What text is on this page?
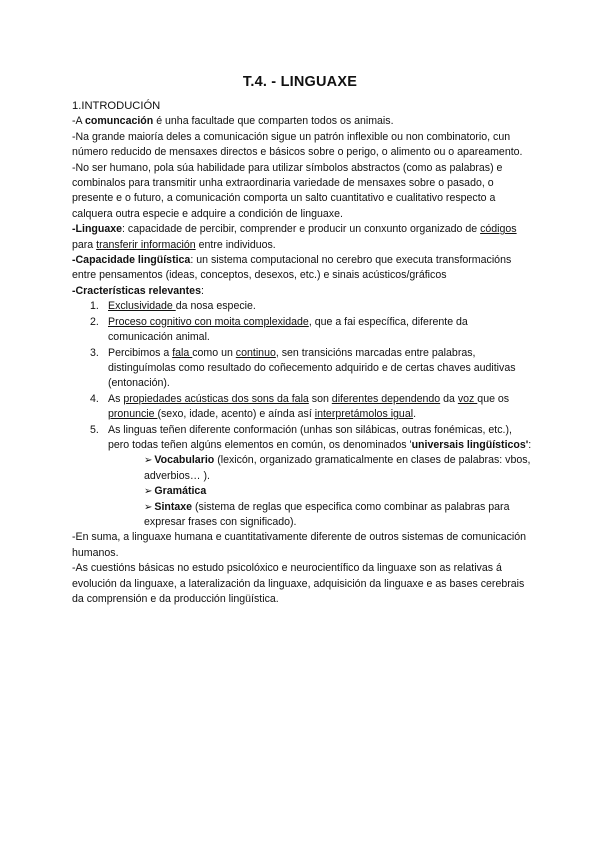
T.4. - LINGUAXE

1.INTRODUCIÓN

-A comuncación é unha facultade que comparten todos os animais.

-Na grande maioría deles a comunicación sigue un patrón inflexible ou non combinatorio, cun número reducido de mensaxes directos e básicos sobre o perigo, o alimento ou o apareamento.

-No ser humano, pola súa habilidade para utilizar símbolos abstractos (como as palabras) e combinalos para transmitir unha extraordinaria variedade de mensaxes sobre o pasado, o presente e o futuro, a comunicación comporta un salto cuantitativo e cualitativo respecto a calquera outra especie e adquire a condición de linguaxe.

-Linguaxe: capacidade de percibir, comprender e producir un conxunto organizado de códigos para transferir información entre individuos.

-Capacidade lingüística: un sistema computacional no cerebro que executa transformacións entre pensamentos (ideas, conceptos, desexos, etc.) e sinais acústicos/gráficos

-Cracterísticas relevantes:

1. Exclusividade da nosa especie.
2. Proceso cognitivo con moita complexidade, que a fai específica, diferente da comunicación animal.
3. Percibimos a fala como un continuo, sen transicións marcadas entre palabras, distinguímolas como resultado do coñecemento adquirido e de certas chaves auditivas (entonación).
4. As propiedades acústicas dos sons da fala son diferentes dependendo da voz que os pronuncie (sexo, idade, acento) e aínda así interpretámolos igual.
5. As linguas teñen diferente conformación (unhas son silábicas, outras fonémicas, etc.), pero todas teñen algúns elementos en común, os denominados 'universais lingüísticos':
➢ Vocabulario (lexicón, organizado gramaticalmente en clases de palabras: vbos, adverbios… ).
➢ Gramática
➢ Sintaxe (sistema de reglas que especifica como combinar as palabras para expresar frases con significado).

-En suma, a linguaxe humana e cuantitativamente diferente de outros sistemas de comunicación humanos.

-As cuestións básicas no estudo psicolóxico e neurocientífico da linguaxe son as relativas á evolución da linguaxe, a lateralización da linguaxe, adquisición da linguaxe e as bases cerebrais da comprensión e da producción lingüística.
